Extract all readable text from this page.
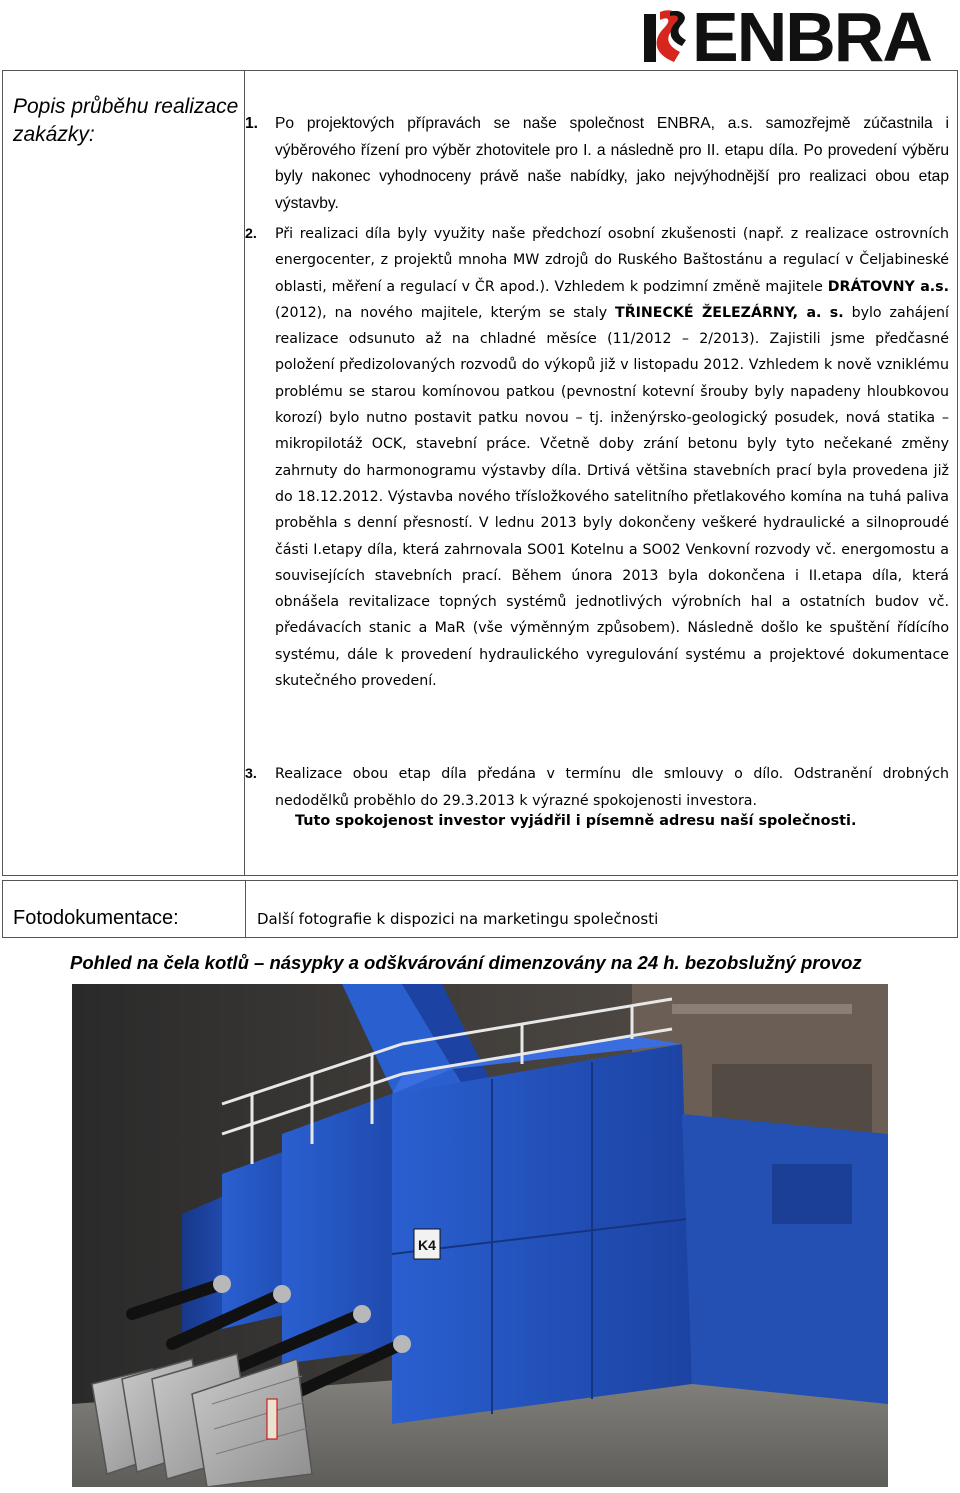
ENBRA
Popis průběhu realizace zakázky:	1. Po projektových přípravách se naše společnost ENBRA, a.s. samozřejmě zúčastnila i výběrového řízení pro výběr zhotovitele pro I. a následně pro II. etapu díla. Po provedení výběru byly nakonec vyhodnoceny právě naše nabídky, jako nejvýhodnější pro realizaci obou etap výstavby.
2. Při realizaci díla byly využity naše předchozí osobní zkušenosti (např. z realizace ostrovních energocenter, z projektů mnoha MW zdrojů do Ruského Baštostánu a regulací v Čeljabineské oblasti, měření a regulací v ČR apod.). Vzhledem k podzimní změně majitele DRÁTOVNY a.s. (2012), na nového majitele, kterým se staly TŘINECKÉ ŽELEZÁRNY, a. s. bylo zahájení realizace odsunuto až na chladné měsíce (11/2012 – 2/2013). Zajistili jsme předčasné položení předizolovaných rozvodů do výkopů již v listopadu 2012. Vzhledem k nově vzniklému problému se starou komínovou patkou (pevnostní kotevní šrouby byly napadeny hloubkovou korozí) bylo nutno postavit patku novou – tj. inženýrsko-geologický posudek, nová statika – mikropilotáž OCK, stavební práce. Včetně doby zrání betonu byly tyto nečekané změny zahrnuty do harmonogramu výstavby díla. Drtivá většina stavebních prací byla provedena již do 18.12.2012. Výstavba nového třísložkového satelitního přetlakového komína na tuhá paliva proběhla s denní přesností. V lednu 2013 byly dokončeny veškeré hydraulické a silnoproudé části I.etapy díla, která zahrnovala SO01 Kotelnu a SO02 Venkovní rozvody vč. energomostu a souvisejících stavebních prací. Během února 2013 byla dokončena i II.etapa díla, která obnášela revitalizace topných systémů jednotlivých výrobních hal a ostatních budov vč. předávacích stanic a MaR (vše výměnným způsobem). Následně došlo ke spuštění řídícího systému, dále k provedení hydraulického vyregulování systému a projektové dokumentace skutečného provedení.
3. Realizace obou etap díla předána v termínu dle smlouvy o dílo. Odstranění drobných nedodělků proběhlo do 29.3.2013 k výrazné spokojenosti investora.
Tuto spokojenost investor vyjádřil i písemně adresu naší společnosti.
Fotodokumentace:	Další fotografie k dispozici na marketingu společnosti
Pohled na čela kotlů – násypky a odškvárování dimenzovány na 24 h. bezobslužný provoz
K4
